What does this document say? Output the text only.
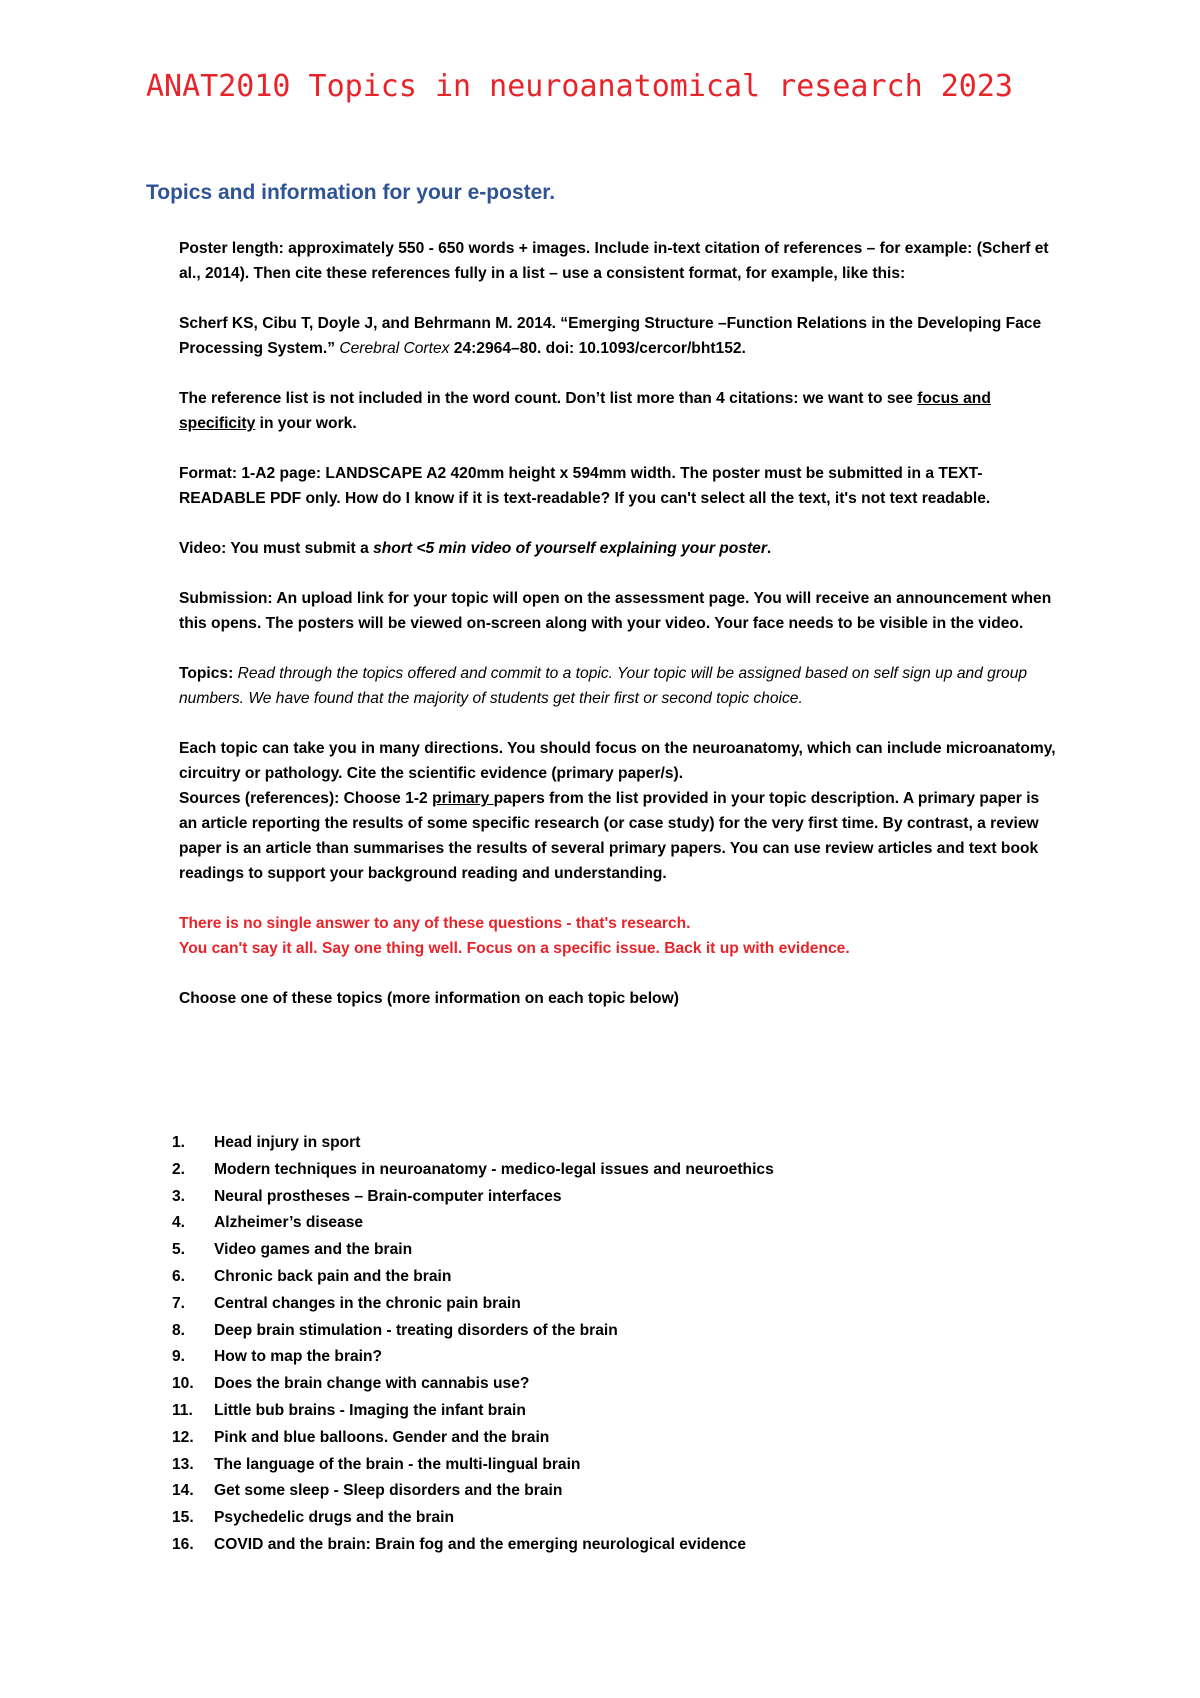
ANAT2010 Topics in neuroanatomical research 2023
Topics and information for your e-poster.

Poster length: approximately 550 - 650 words + images. Include in-text citation of references – for example: (Scherf et al., 2014). Then cite these references fully in a list – use a consistent format, for example, like this:

Scherf KS, Cibu T, Doyle J, and Behrmann M. 2014. “Emerging Structure –Function Relations in the Developing Face Processing System.” Cerebral Cortex 24:2964–80. doi: 10.1093/cercor/bht152.

The reference list is not included in the word count. Don’t list more than 4 citations: we want to see focus and specificity in your work.

Format: 1-A2 page: LANDSCAPE A2 420mm height x 594mm width. The poster must be submitted in a TEXT-READABLE PDF only. How do I know if it is text-readable? If you can't select all the text, it's not text readable.

Video: You must submit a short <5 min video of yourself explaining your poster.

Submission: An upload link for your topic will open on the assessment page. You will receive an announcement when this opens. The posters will be viewed on-screen along with your video. Your face needs to be visible in the video.

Topics: Read through the topics offered and commit to a topic. Your topic will be assigned based on self sign up and group numbers. We have found that the majority of students get their first or second topic choice.

Each topic can take you in many directions. You should focus on the neuroanatomy, which can include microanatomy, circuitry or pathology. Cite the scientific evidence (primary paper/s).

Sources (references): Choose 1-2 primary papers from the list provided in your topic description. A primary paper is an article reporting the results of some specific research (or case study) for the very first time. By contrast, a review paper is an article than summarises the results of several primary papers. You can use review articles and text book readings to support your background reading and understanding.

There is no single answer to any of these questions - that's research.

You can't say it all. Say one thing well. Focus on a specific issue. Back it up with evidence.

Choose one of these topics (more information on each topic below)

1.	Head injury in sport
2.	Modern techniques in neuroanatomy - medico-legal issues and neuroethics
3.	Neural prostheses – Brain-computer interfaces
4.	Alzheimer’s disease
5.	Video games and the brain
6.	Chronic back pain and the brain
7.	Central changes in the chronic pain brain
8.	Deep brain stimulation - treating disorders of the brain
9.	How to map the brain?
10.	Does the brain change with cannabis use?
11.	Little bub brains - Imaging the infant brain
12.	Pink and blue balloons. Gender and the brain
13.	The language of the brain - the multi-lingual brain
14.	Get some sleep - Sleep disorders and the brain
15.	Psychedelic drugs and the brain
16.	COVID and the brain: Brain fog and the emerging neurological evidence
